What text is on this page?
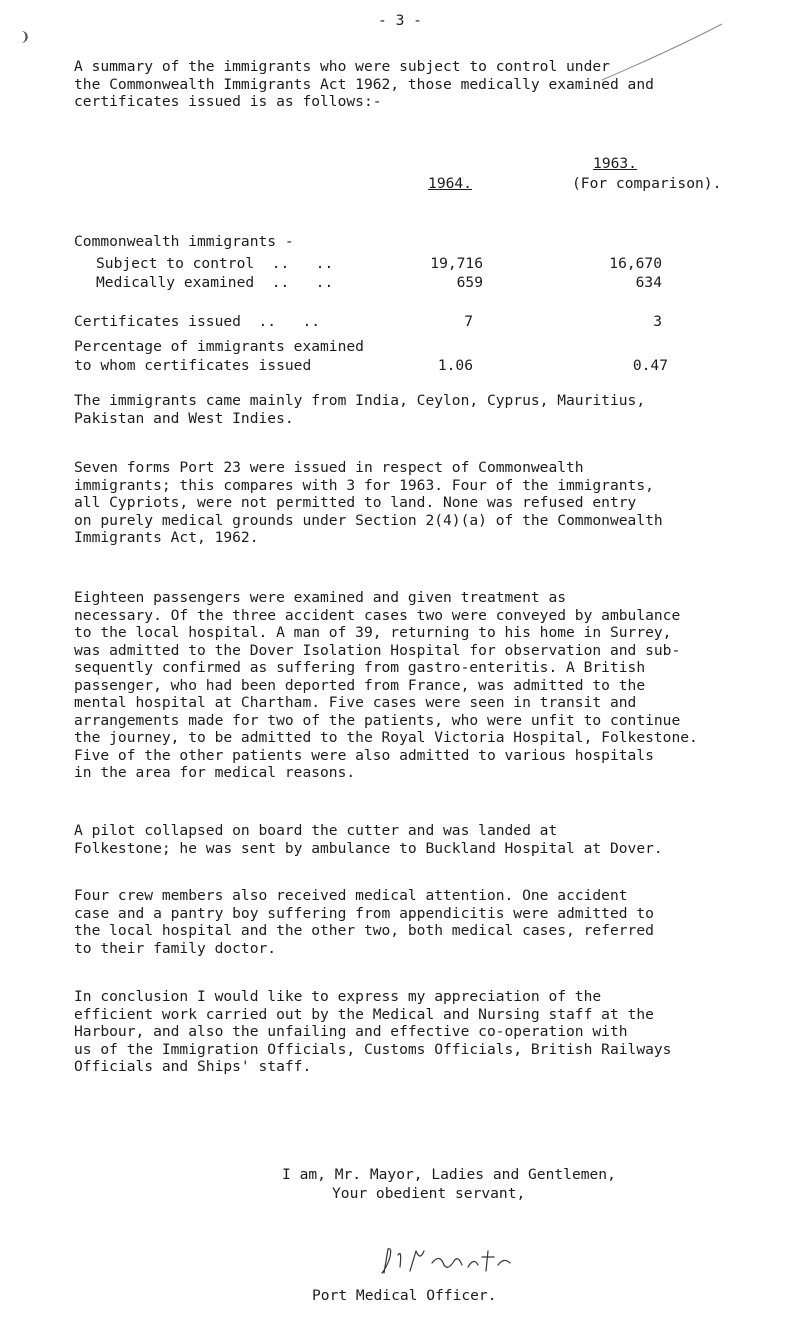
- 3 -
❩
A summary of the immigrants who were subject to control under
the Commonwealth Immigrants Act 1962, those medically examined and
certificates issued is as follows:-
1963.
1964.	(For comparison).
Commonwealth immigrants -
Subject to control  ..   ..	19,716	16,670
Medically examined  ..   ..	659	634
Certificates issued  ..   ..	7	3
Percentage of immigrants examined
to whom certificates issued	1.06	0.47
The immigrants came mainly from India, Ceylon, Cyprus, Mauritius,
Pakistan and West Indies.
Seven forms Port 23 were issued in respect of Commonwealth
immigrants; this compares with 3 for 1963. Four of the immigrants,
all Cypriots, were not permitted to land. None was refused entry
on purely medical grounds under Section 2(4)(a) of the Commonwealth
Immigrants Act, 1962.
Eighteen passengers were examined and given treatment as
necessary. Of the three accident cases two were conveyed by ambulance
to the local hospital. A man of 39, returning to his home in Surrey,
was admitted to the Dover Isolation Hospital for observation and sub-
sequently confirmed as suffering from gastro-enteritis. A British
passenger, who had been deported from France, was admitted to the
mental hospital at Chartham. Five cases were seen in transit and
arrangements made for two of the patients, who were unfit to continue
the journey, to be admitted to the Royal Victoria Hospital, Folkestone.
Five of the other patients were also admitted to various hospitals
in the area for medical reasons.
A pilot collapsed on board the cutter and was landed at
Folkestone; he was sent by ambulance to Buckland Hospital at Dover.
Four crew members also received medical attention. One accident
case and a pantry boy suffering from appendicitis were admitted to
the local hospital and the other two, both medical cases, referred
to their family doctor.
In conclusion I would like to express my appreciation of the
efficient work carried out by the Medical and Nursing staff at the
Harbour, and also the unfailing and effective co-operation with
us of the Immigration Officials, Customs Officials, British Railways
Officials and Ships' staff.
I am, Mr. Mayor, Ladies and Gentlemen,
Your obedient servant,
Port Medical Officer.
